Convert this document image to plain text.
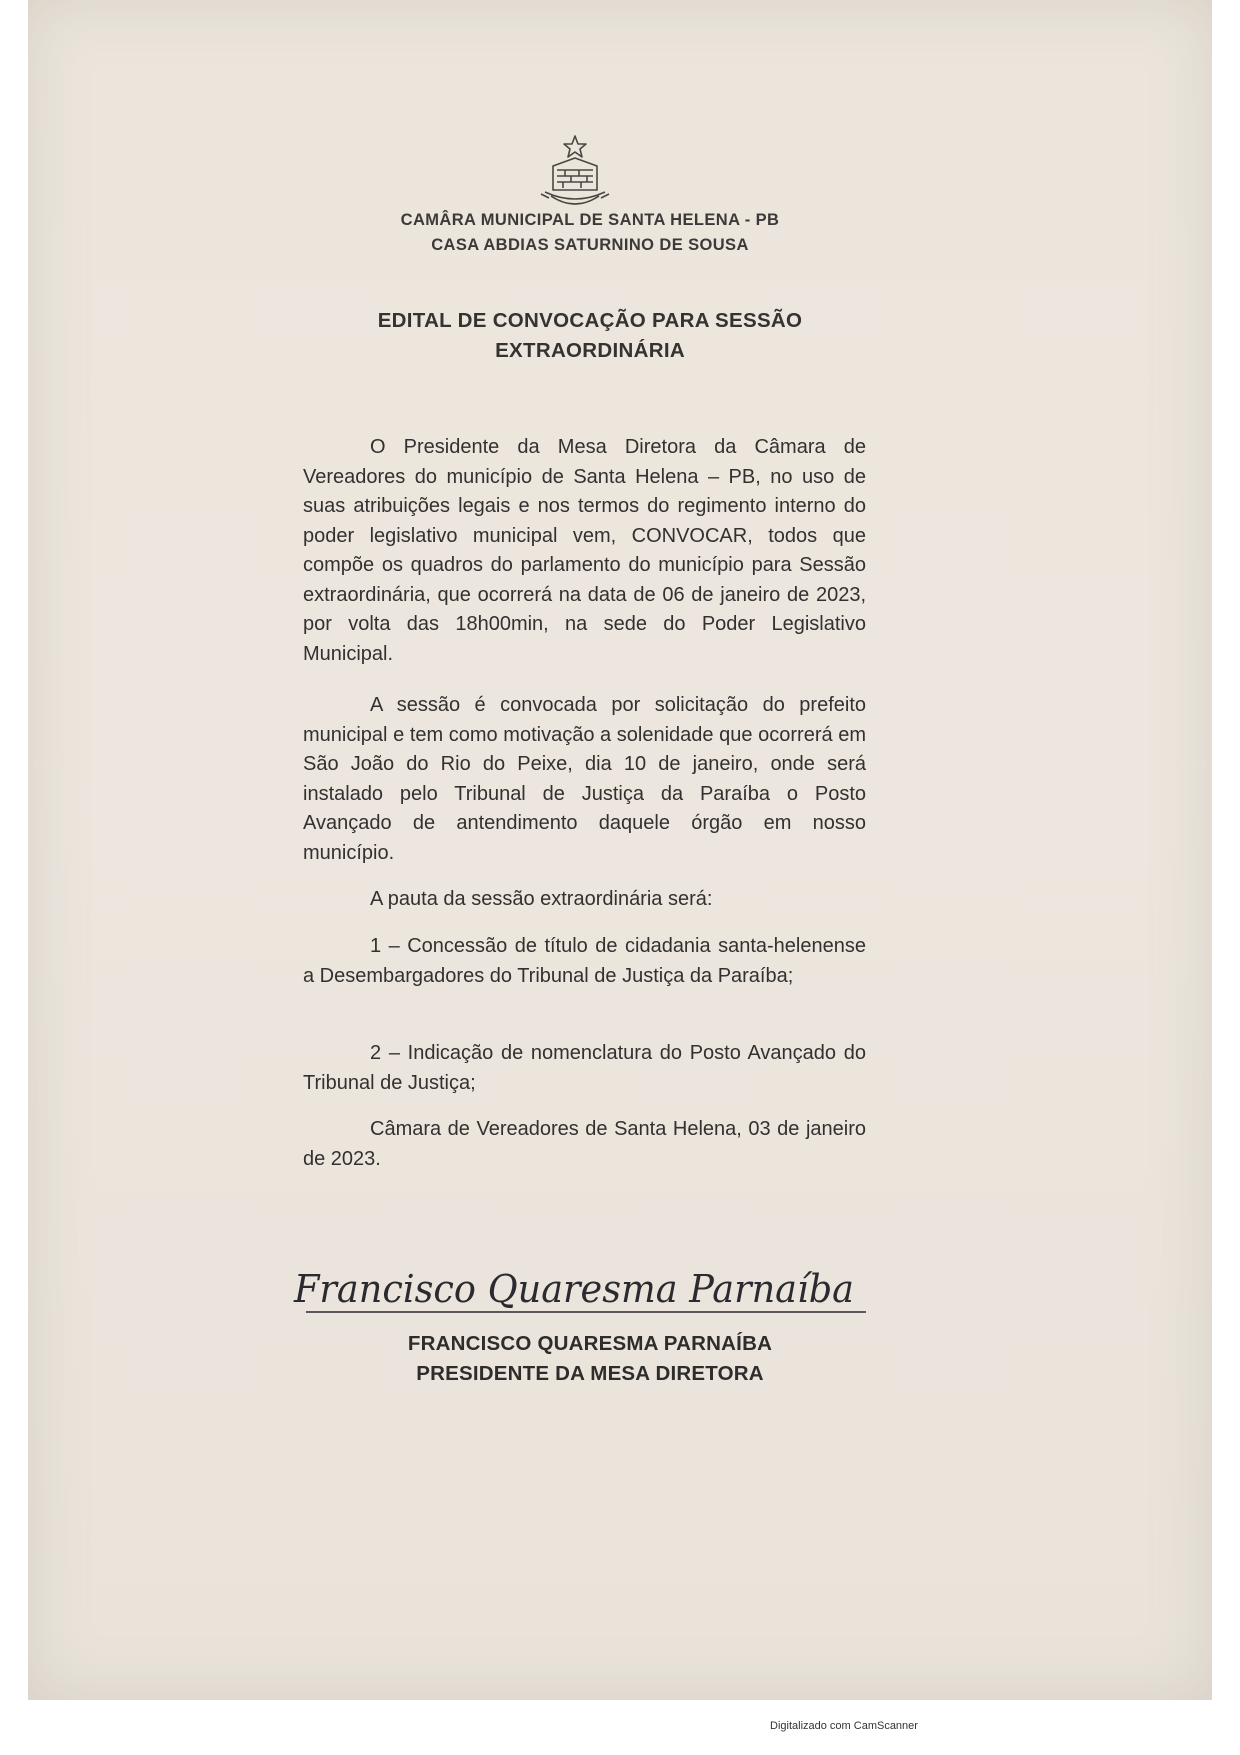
CAMÂRA MUNICIPAL DE SANTA HELENA - PB
CASA ABDIAS SATURNINO DE SOUSA
EDITAL DE CONVOCAÇÃO PARA SESSÃO
EXTRAORDINÁRIA

O Presidente da Mesa Diretora da Câmara de Vereadores do município de Santa Helena – PB, no uso de suas atribuições legais e nos termos do regimento interno do poder legislativo municipal vem, CONVOCAR, todos que compõe os quadros do parlamento do município para Sessão extraordinária, que ocorrerá na data de 06 de janeiro de 2023, por volta das 18h00min, na sede do Poder Legislativo Municipal.

A sessão é convocada por solicitação do prefeito municipal e tem como motivação a solenidade que ocorrerá em São João do Rio do Peixe, dia 10 de janeiro, onde será instalado pelo Tribunal de Justiça da Paraíba o Posto Avançado de antendimento daquele órgão em nosso município.

A pauta da sessão extraordinária será:

1 – Concessão de título de cidadania santa-helenense a Desembargadores do Tribunal de Justiça da Paraíba;

2 – Indicação de nomenclatura do Posto Avançado do Tribunal de Justiça;

Câmara de Vereadores de Santa Helena, 03 de janeiro de 2023.

Francisco Quaresma Parnaíba
FRANCISCO QUARESMA PARNAÍBA
PRESIDENTE DA MESA DIRETORA
Digitalizado com CamScanner
